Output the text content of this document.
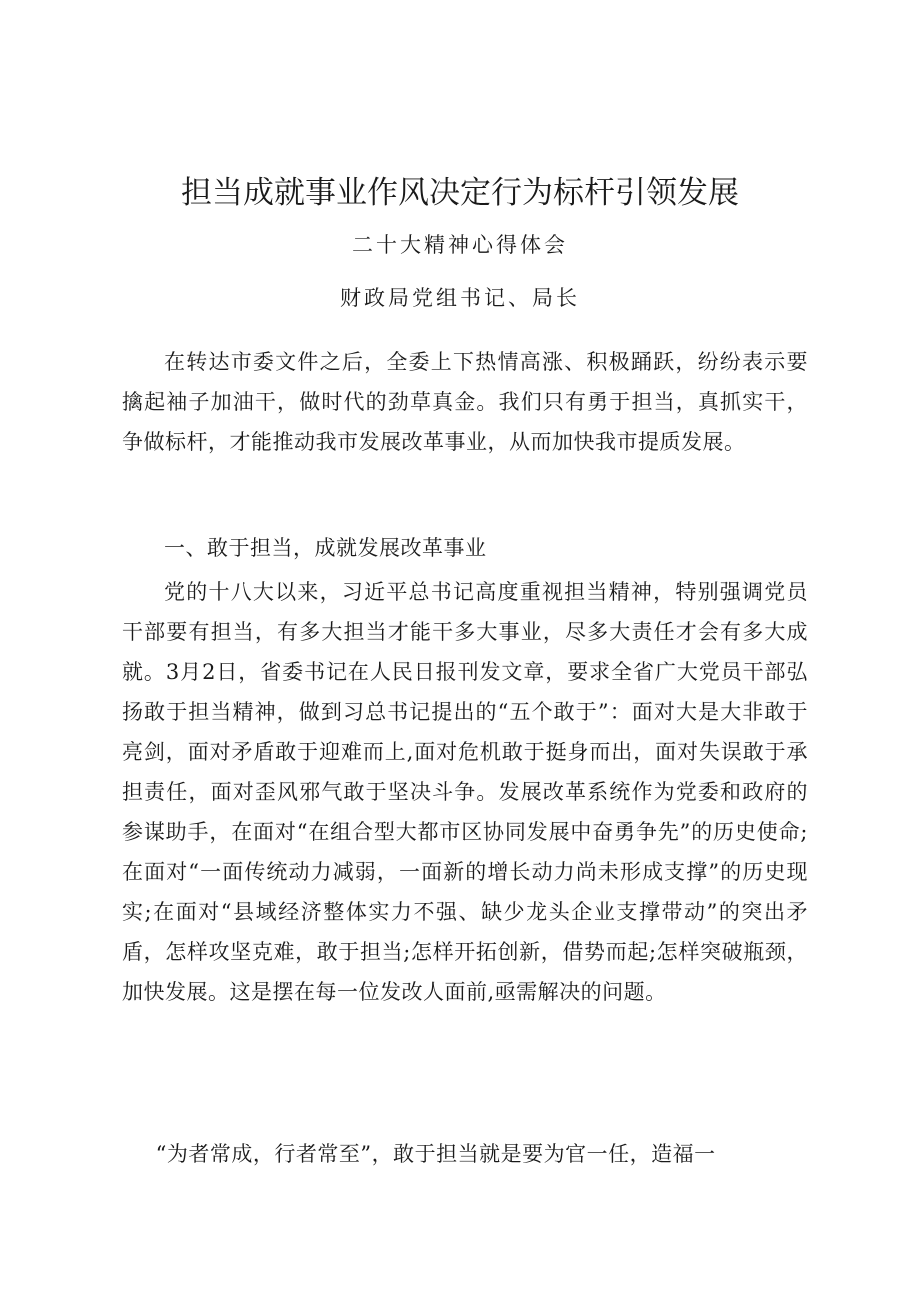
担当成就事业作风决定行为标杆引领发展
二十大精神心得体会
财政局党组书记、局长

在转达市委文件之后，全委上下热情高涨、积极踊跃，纷纷表示要擒起袖子加油干，做时代的劲草真金。我们只有勇于担当，真抓实干，争做标杆，才能推动我市发展改革事业，从而加快我市提质发展。

一、敢于担当，成就发展改革事业

党的十八大以来，习近平总书记高度重视担当精神，特别强调党员干部要有担当，有多大担当才能干多大事业，尽多大责任才会有多大成就。3月2日，省委书记在人民日报刊发文章，要求全省广大党员干部弘扬敢于担当精神，做到习总书记提出的“五个敢于”：面对大是大非敢于亮剑，面对矛盾敢于迎难而上,面对危机敢于挺身而出，面对失误敢于承担责任，面对歪风邪气敢于坚决斗争。发展改革系统作为党委和政府的参谋助手，在面对“在组合型大都市区协同发展中奋勇争先”的历史使命;在面对“一面传统动力减弱，一面新的增长动力尚未形成支撑”的历史现实;在面对“县域经济整体实力不强、缺少龙头企业支撑带动”的突出矛盾，怎样攻坚克难，敢于担当;怎样开拓创新，借势而起;怎样突破瓶颈，加快发展。这是摆在每一位发改人面前,亟需解决的问题。

“为者常成，行者常至”，敢于担当就是要为官一任，造福一
